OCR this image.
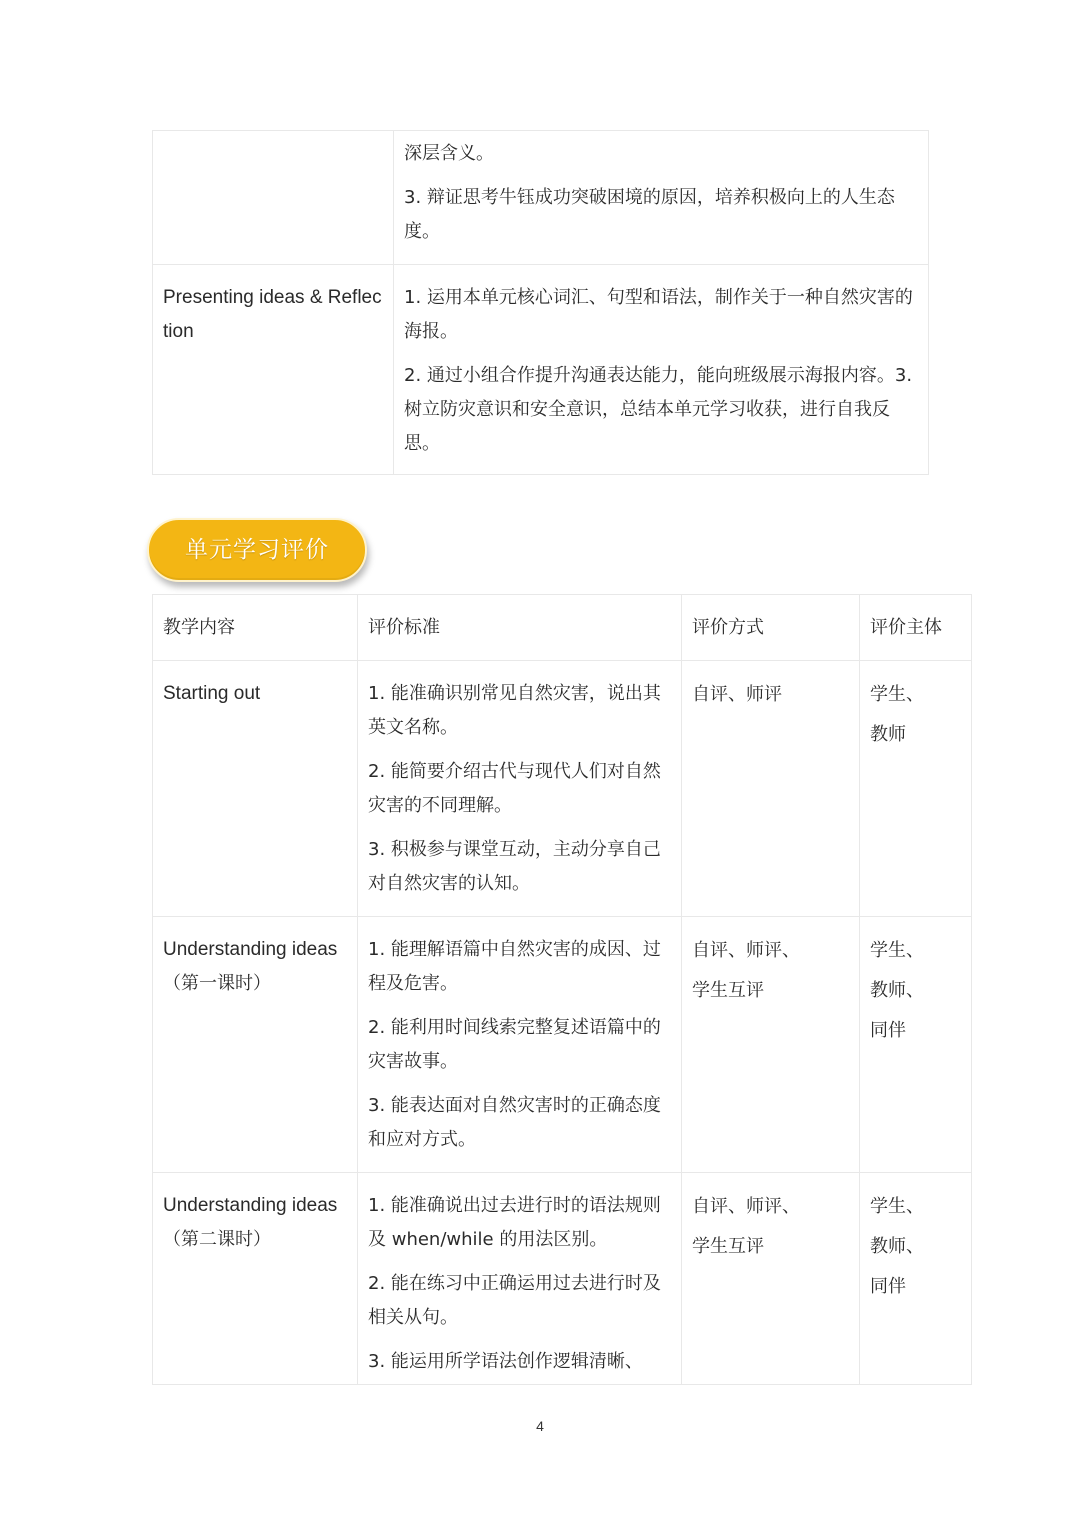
	深层含义。
3. 辩证思考牛钰成功突破困境的原因，培养积极向上的人生态度。

Presenting ideas & Reflection	1. 运用本单元核心词汇、句型和语法，制作关于一种自然灾害的海报。
2. 通过小组合作提升沟通表达能力，能向班级展示海报内容。3. 树立防灾意识和安全意识，总结本单元学习收获，进行自我反思。
单元学习评价
教学内容	评价标准	评价方式	评价主体
Starting out	1. 能准确识别常见自然灾害，说出其英文名称。
2. 能简要介绍古代与现代人们对自然灾害的不同理解。
3. 积极参与课堂互动，主动分享自己对自然灾害的认知。	自评、师评	学生、
教师

Understanding ideas
（第一课时）	1. 能理解语篇中自然灾害的成因、过程及危害。
2. 能利用时间线索完整复述语篇中的灾害故事。
3. 能表达面对自然灾害时的正确态度和应对方式。	自评、师评、
学生互评	学生、
教师、
同伴

Understanding ideas
（第二课时）	1. 能准确说出过去进行时的语法规则及 when/while 的用法区别。
2. 能在练习中正确运用过去进行时及相关从句。
3. 能运用所学语法创作逻辑清晰、	自评、师评、
学生互评	学生、
教师、
同伴
4
